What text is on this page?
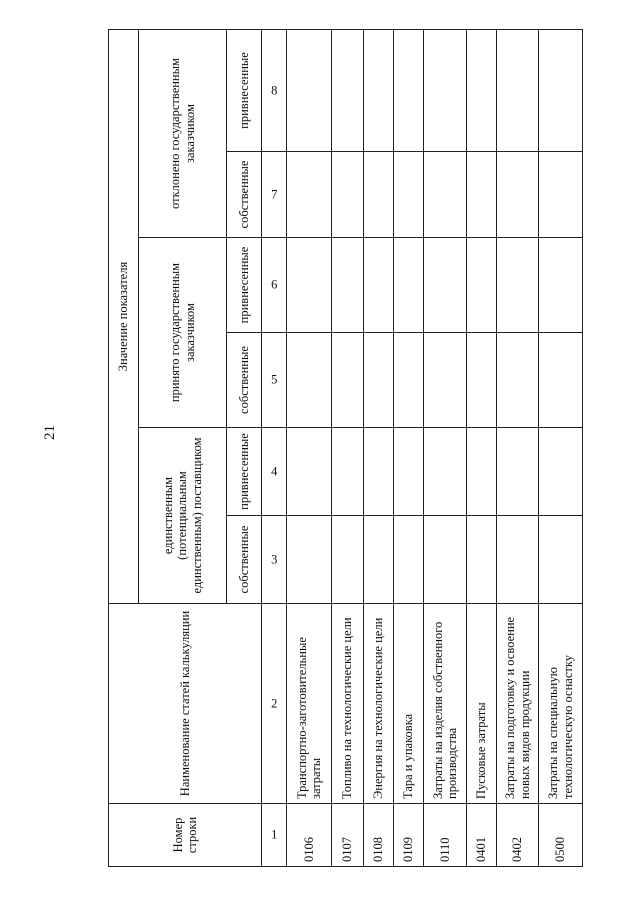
21
Номер строки	Наименование статей калькуляции	Значение показателя					
		единственным (потенциальным единственным) поставщиком		принято государственным заказчиком		отклонено государственным заказчиком	
		собственные	привнесенные	собственные	привнесенные	собственные	привнесенные
1	2	3	4	5	6	7	8
0106	Транспортно-заготовительные затраты						
0107	Топливо на технологические цели						
0108	Энергия на технологические цели						
0109	Тара и упаковка						
0110	Затраты на изделия собственного производства						
0401	Пусковые затраты						
0402	Затраты на подготовку и освоение новых видов продукции						
0500	Затраты на специальную технологическую оснастку						
